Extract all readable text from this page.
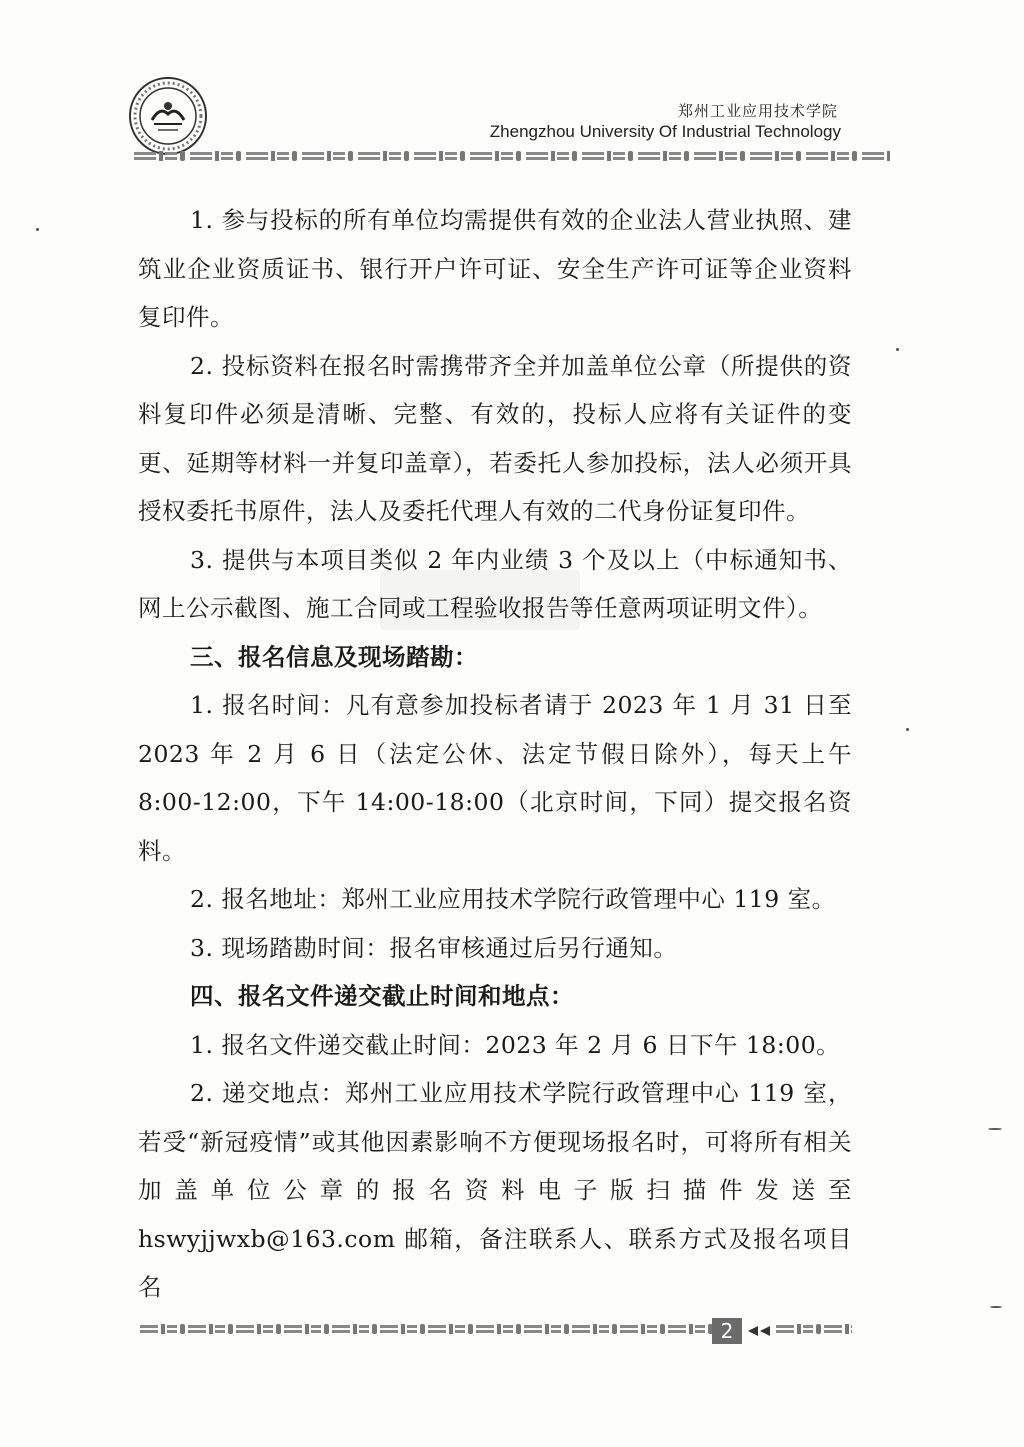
郑州工业应用技术学院
Zhengzhou University Of Industrial Technology

1. 参与投标的所有单位均需提供有效的企业法人营业执照、建筑业企业资质证书、银行开户许可证、安全生产许可证等企业资料复印件。

2. 投标资料在报名时需携带齐全并加盖单位公章（所提供的资料复印件必须是清晰、完整、有效的，投标人应将有关证件的变更、延期等材料一并复印盖章），若委托人参加投标，法人必须开具授权委托书原件，法人及委托代理人有效的二代身份证复印件。

3. 提供与本项目类似 2 年内业绩 3 个及以上（中标通知书、网上公示截图、施工合同或工程验收报告等任意两项证明文件）。

三、报名信息及现场踏勘：

1. 报名时间：凡有意参加投标者请于 2023 年 1 月 31 日至 2023 年 2 月 6 日（法定公休、法定节假日除外），每天上午 8:00-12:00，下午 14:00-18:00（北京时间，下同）提交报名资料。

2. 报名地址：郑州工业应用技术学院行政管理中心 119 室。

3. 现场踏勘时间：报名审核通过后另行通知。

四、报名文件递交截止时间和地点：

1. 报名文件递交截止时间：2023 年 2 月 6 日下午 18:00。

2. 递交地点：郑州工业应用技术学院行政管理中心 119 室，若受“新冠疫情”或其他因素影响不方便现场报名时，可将所有相关加盖单位公章的报名资料电子版扫描件发送至 hswyjjwxb@163.com 邮箱，备注联系人、联系方式及报名项目名

2
